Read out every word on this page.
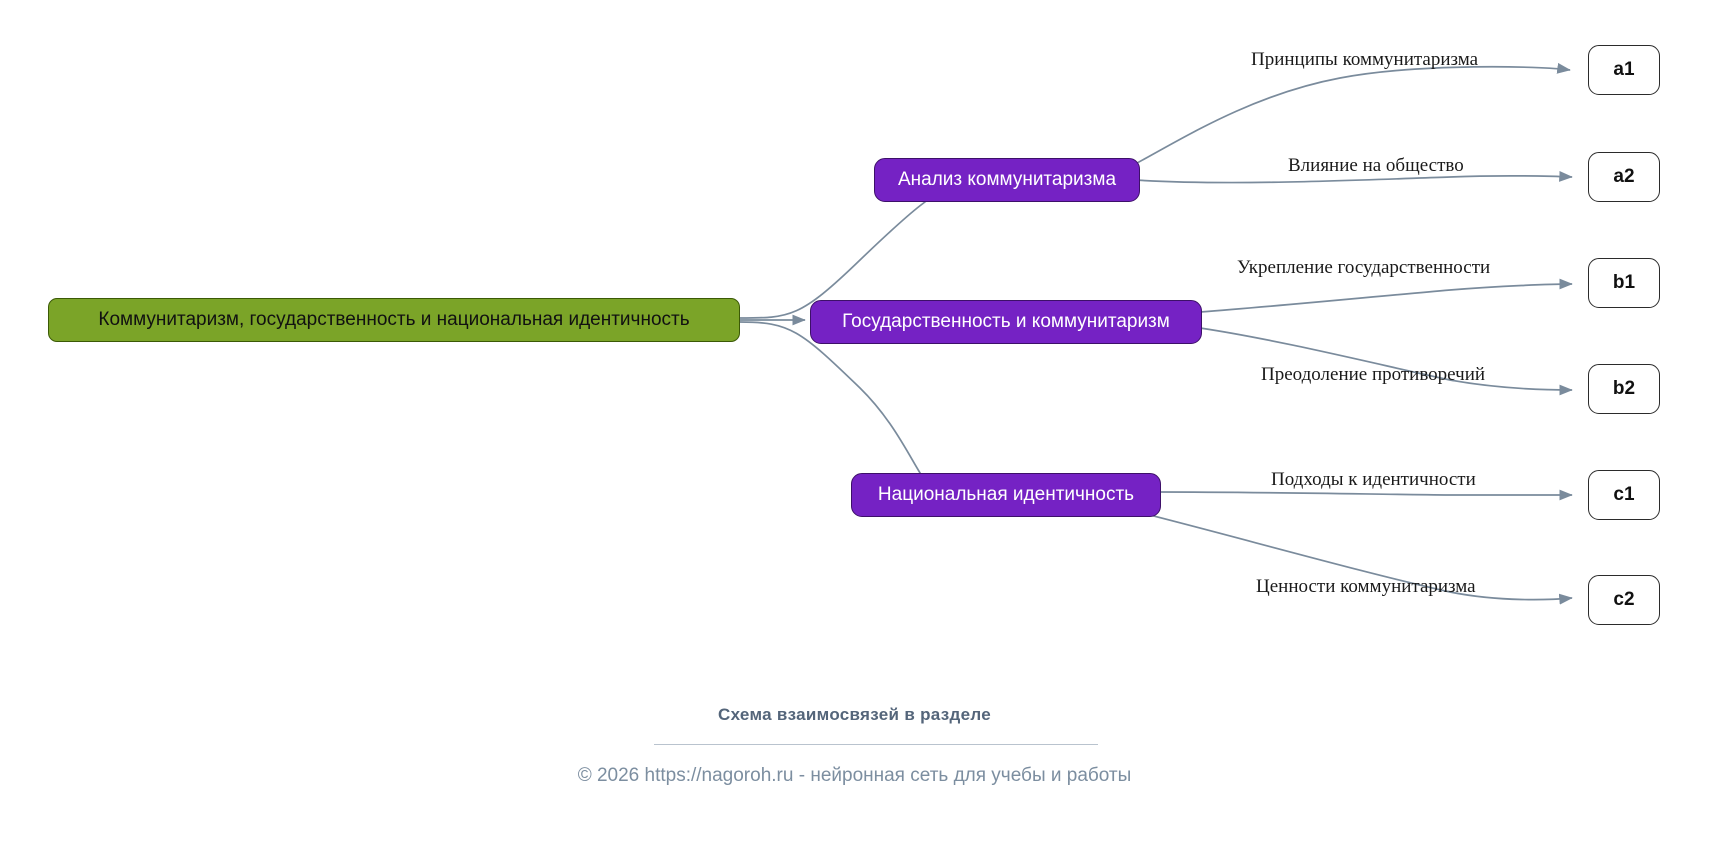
Коммунитаризм, государственность и национальная идентичность
Анализ коммунитаризма
Государственность и коммунитаризм
Национальная идентичность
a1
a2
b1
b2
c1
c2
Принципы коммунитаризма
Влияние на общество
Укрепление государственности
Преодоление противоречий
Подходы к идентичности
Ценности коммунитаризма
Схема взаимосвязей в разделе
© 2026 https://nagoroh.ru - нейронная сеть для учебы и работы
